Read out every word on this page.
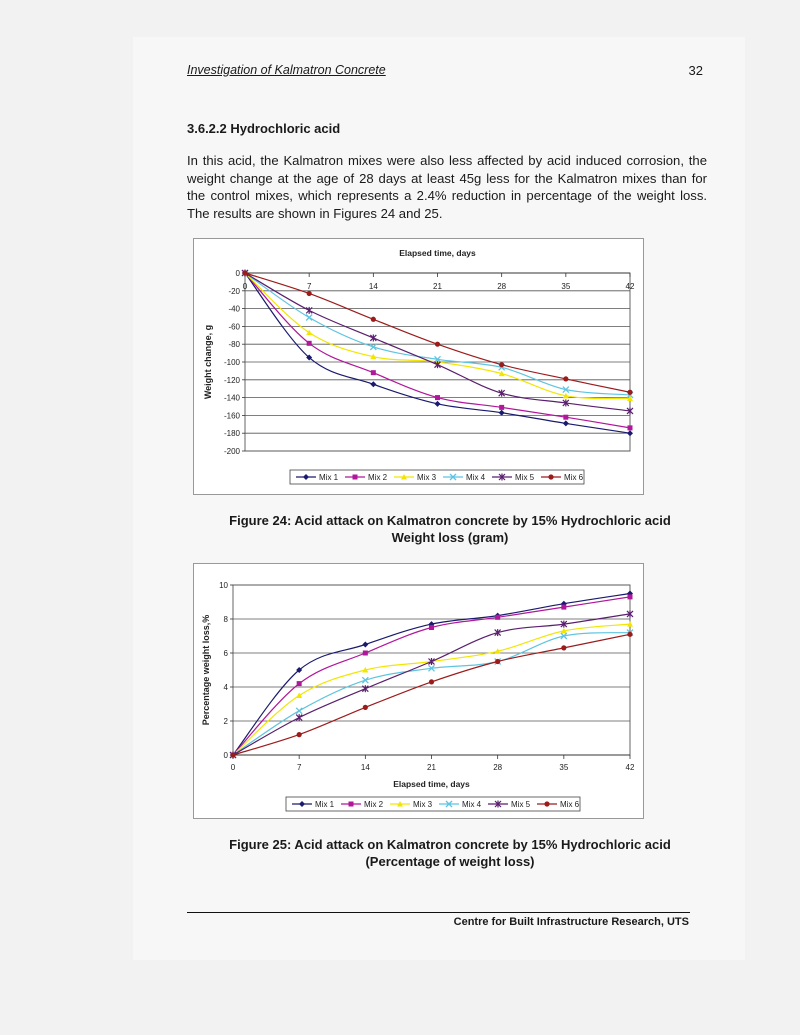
Investigation of Kalmatron Concrete	32
3.6.2.2 Hydrochloric acid

In this acid, the Kalmatron mixes were also less affected by acid induced corrosion, the weight change at the age of 28 days at least 45g less for the Kalmatron mixes than for the control mixes, which represents a 2.4% reduction in percentage of the weight loss. The results are shown in Figures 24 and 25.

0
-20
-40
-60
-80
-100
-120
-140
-160
-180
-200
0	7	14	21	28	35	42
Elapsed time, days
Weight change, g
Mix 1	Mix 2	Mix 3	Mix 4	Mix 5	Mix 6
Figure 24: Acid attack on Kalmatron concrete by 15% Hydrochloric acid
Weight loss (gram)
0
2
4
6
8
10
0	7	14	21	28	35	42
Elapsed time, days
Percentage weight loss,%
Mix 1	Mix 2	Mix 3	Mix 4	Mix 5	Mix 6
Figure 25: Acid attack on Kalmatron concrete by 15% Hydrochloric acid
(Percentage of weight loss)
Centre for Built Infrastructure Research, UTS
